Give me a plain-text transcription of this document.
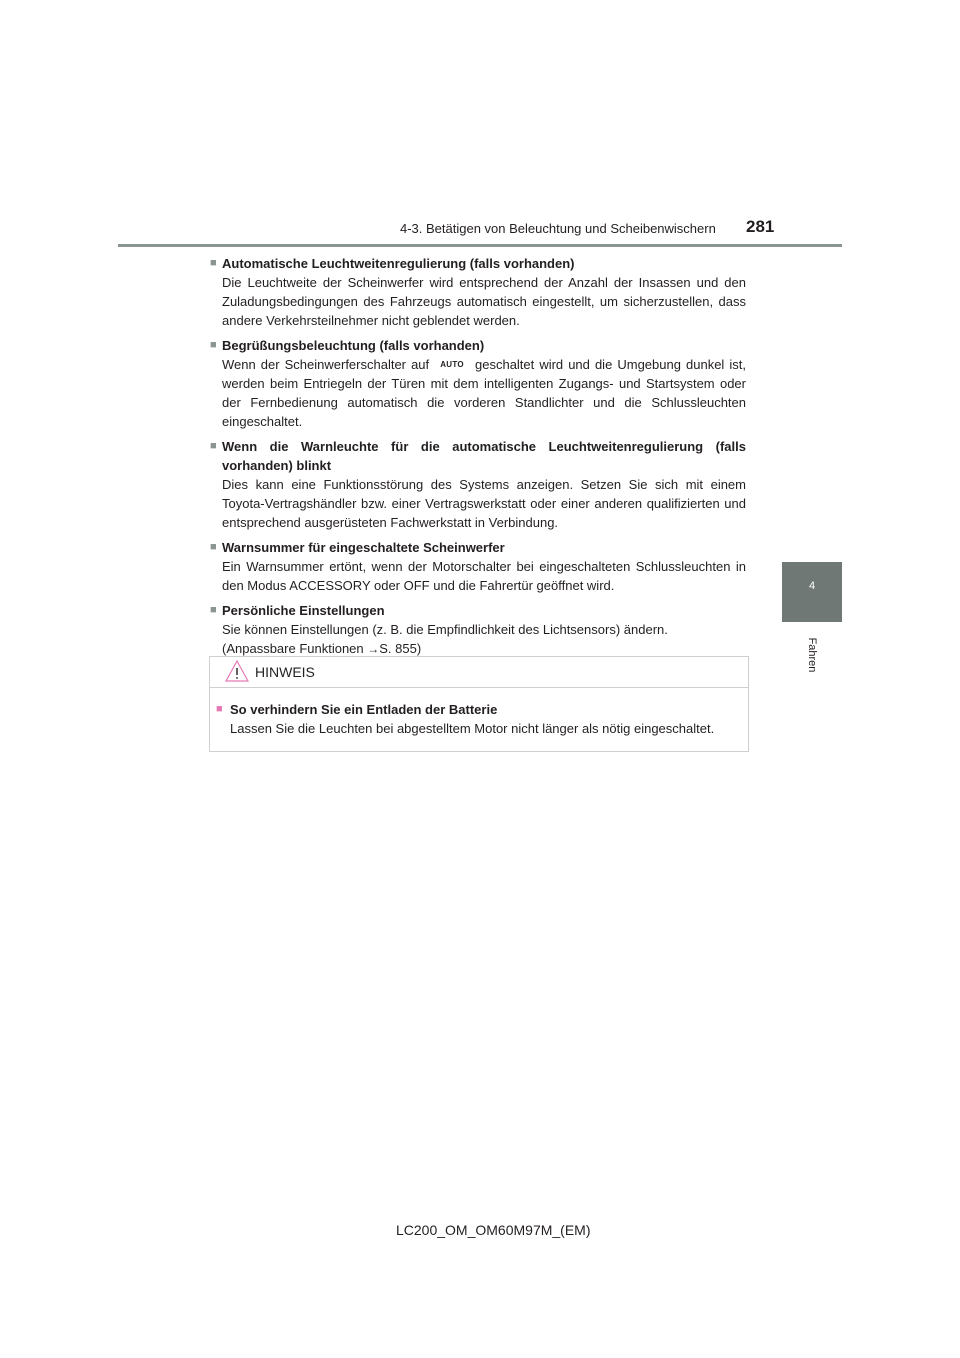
4-3. Betätigen von Beleuchtung und Scheibenwischern 281
4
Fahren
■ Automatische Leuchtweitenregulierung (falls vorhanden)
Die Leuchtweite der Scheinwerfer wird entsprechend der Anzahl der Insassen und den Zuladungsbedingungen des Fahrzeugs automatisch eingestellt, um sicherzustellen, dass andere Verkehrsteilnehmer nicht geblendet werden.
■ Begrüßungsbeleuchtung (falls vorhanden)
Wenn der Scheinwerferschalter auf AUTO geschaltet wird und die Umgebung dunkel ist, werden beim Entriegeln der Türen mit dem intelligenten Zugangs- und Startsystem oder der Fernbedienung automatisch die vorderen Standlichter und die Schlussleuchten eingeschaltet.
■ Wenn die Warnleuchte für die automatische Leuchtweitenregulierung (falls vorhanden) blinkt
Dies kann eine Funktionsstörung des Systems anzeigen. Setzen Sie sich mit einem Toyota-Vertragshändler bzw. einer Vertragswerkstatt oder einer anderen qualifizierten und entsprechend ausgerüsteten Fachwerkstatt in Verbindung.
■ Warnsummer für eingeschaltete Scheinwerfer
Ein Warnsummer ertönt, wenn der Motorschalter bei eingeschalteten Schlussleuchten in den Modus ACCESSORY oder OFF und die Fahrertür geöffnet wird.
■ Persönliche Einstellungen
Sie können Einstellungen (z. B. die Empfindlichkeit des Lichtsensors) ändern.
(Anpassbare Funktionen →S. 855)
HINWEIS
■ So verhindern Sie ein Entladen der Batterie
Lassen Sie die Leuchten bei abgestelltem Motor nicht länger als nötig eingeschaltet.
LC200_OM_OM60M97M_(EM)
